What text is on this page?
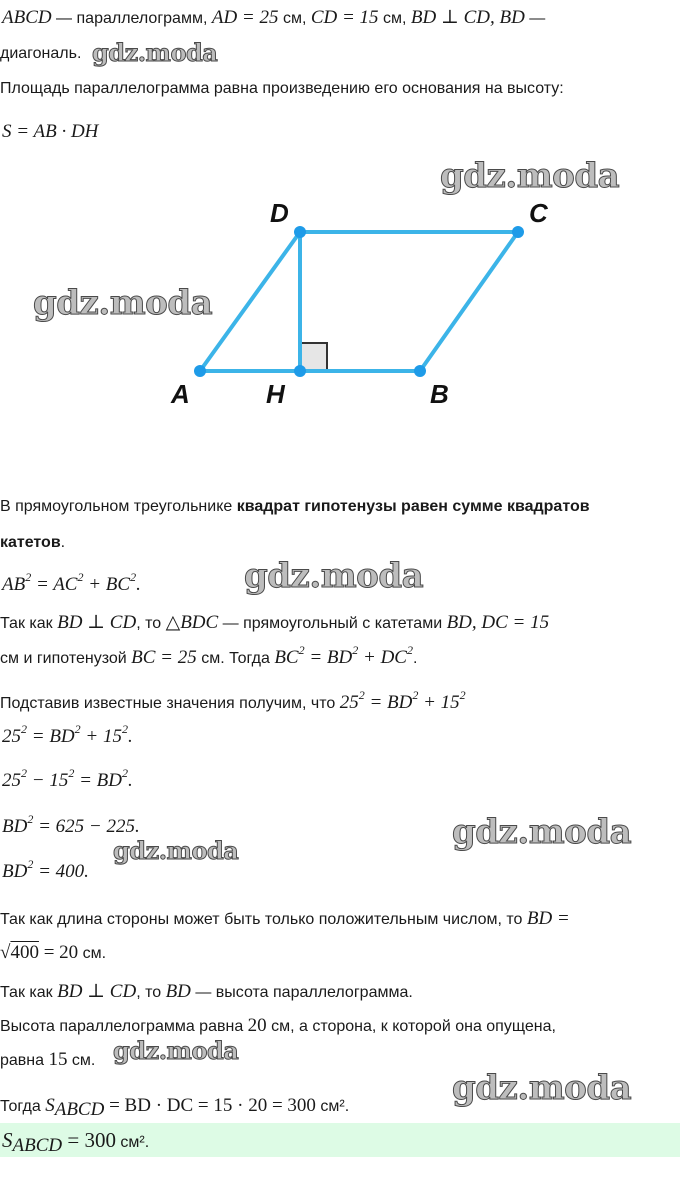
ABCD — параллелограмм, AD = 25 см, CD = 15 см, BD ⊥ CD, BD —
диагональ. gdz.moda
Площадь параллелограмма равна произведению его основания на высоту:
S = AB · DH
gdz.moda
gdz.moda
D	C
A	H	B
В прямоугольном треугольнике квадрат гипотенузы равен сумме квадратов
катетов.
$AB^2 = AC^2 + BC^2$.	gdz.moda
Так как BD ⊥ CD, то △BDC — прямоугольный с катетами BD, DC = 15
см и гипотенузой BC = 25 см. Тогда $BC^2 = BD^2 + DC^2$.
Подставив известные значения получим, что $25^2 = BD^2 + 15^2$
$25^2 = BD^2 + 15^2$.
$25^2 - 15^2 = BD^2$.
$BD^2 = 625 - 225$.	gdz.moda
gdz.moda
$BD^2 = 400$.
Так как длина стороны может быть только положительным числом, то BD =
√400 = 20 см.
Так как BD ⊥ CD, то BD — высота параллелограмма.
Высота параллелограмма равна 20 см, а сторона, к которой она опущена,
равна 15 см. gdz.moda
gdz.moda
Тогда $S_{ABCD}$ = BD · DC = 15 · 20 = 300 см².
$S_{ABCD} = 300$ см².
